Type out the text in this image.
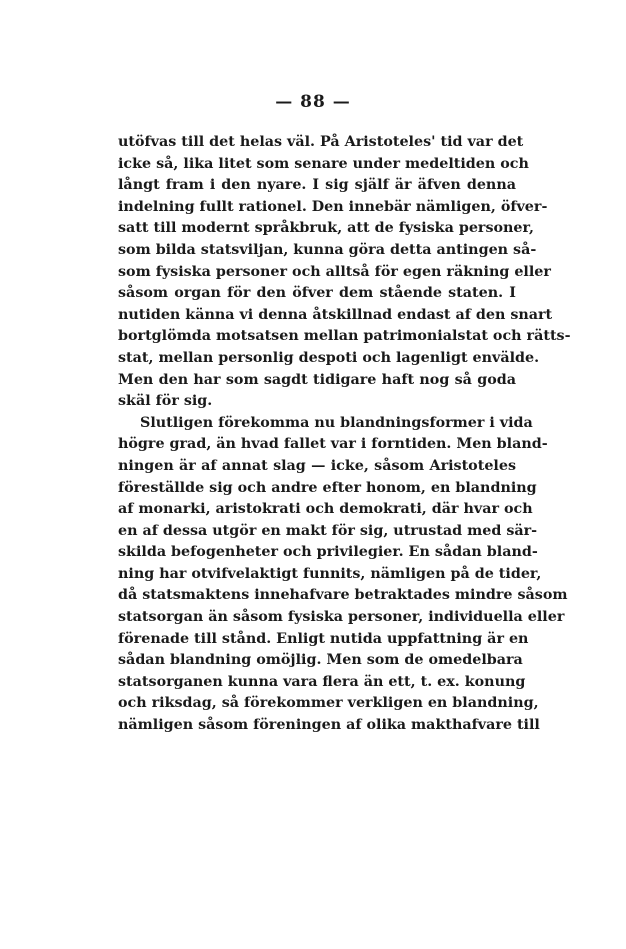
— 88 —
utöfvas till det helas väl. På Aristoteles' tid var det
icke så, lika litet som senare under medeltiden och
långt fram i den nyare. I sig själf är äfven denna
indelning fullt rationel. Den innebär nämligen, öfver-
satt till modernt språkbruk, att de fysiska personer,
som bilda statsviljan, kunna göra detta antingen så-
som fysiska personer och alltså för egen räkning eller
såsom organ för den öfver dem stående staten. I
nutiden känna vi denna åtskillnad endast af den snart
bortglömda motsatsen mellan patrimonialstat och rätts-
stat, mellan personlig despoti och lagenligt envälde.
Men den har som sagdt tidigare haft nog så goda
skäl för sig.
Slutligen förekomma nu blandningsformer i vida
högre grad, än hvad fallet var i forntiden. Men bland-
ningen är af annat slag — icke, såsom Aristoteles
föreställde sig och andre efter honom, en blandning
af monarki, aristokrati och demokrati, där hvar och
en af dessa utgör en makt för sig, utrustad med sär-
skilda befogenheter och privilegier. En sådan bland-
ning har otvifvelaktigt funnits, nämligen på de tider,
då statsmaktens innehafvare betraktades mindre såsom
statsorgan än såsom fysiska personer, individuella eller
förenade till stånd. Enligt nutida uppfattning är en
sådan blandning omöjlig. Men som de omedelbara
statsorganen kunna vara flera än ett, t. ex. konung
och riksdag, så förekommer verkligen en blandning,
nämligen såsom föreningen af olika makthafvare till
